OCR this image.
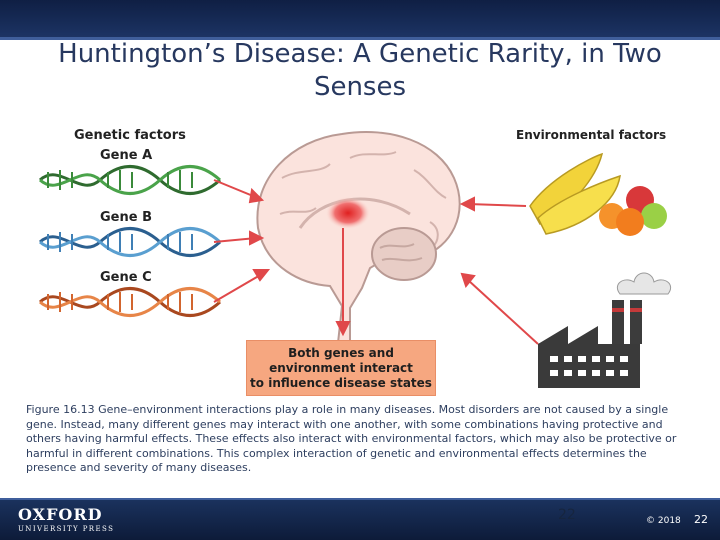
Huntington’s Disease: A Genetic Rarity, in Two Senses
Genetic factors
Gene A
Gene B
Gene C
Environmental factors
Both genes and
environment interact
to influence disease states

Figure 16.13 Gene–environment interactions play a role in many diseases. Most disorders are not caused by a single gene. Instead, many different genes may interact with one another, with some combinations having protective and others having harmful effects. These effects also interact with environmental factors, which may also be protective or harmful in different combinations. This complex interaction of genetic and environmental effects determines the presence and severity of many diseases.

OXFORD
UNIVERSITY PRESS
22	© 2018 22
